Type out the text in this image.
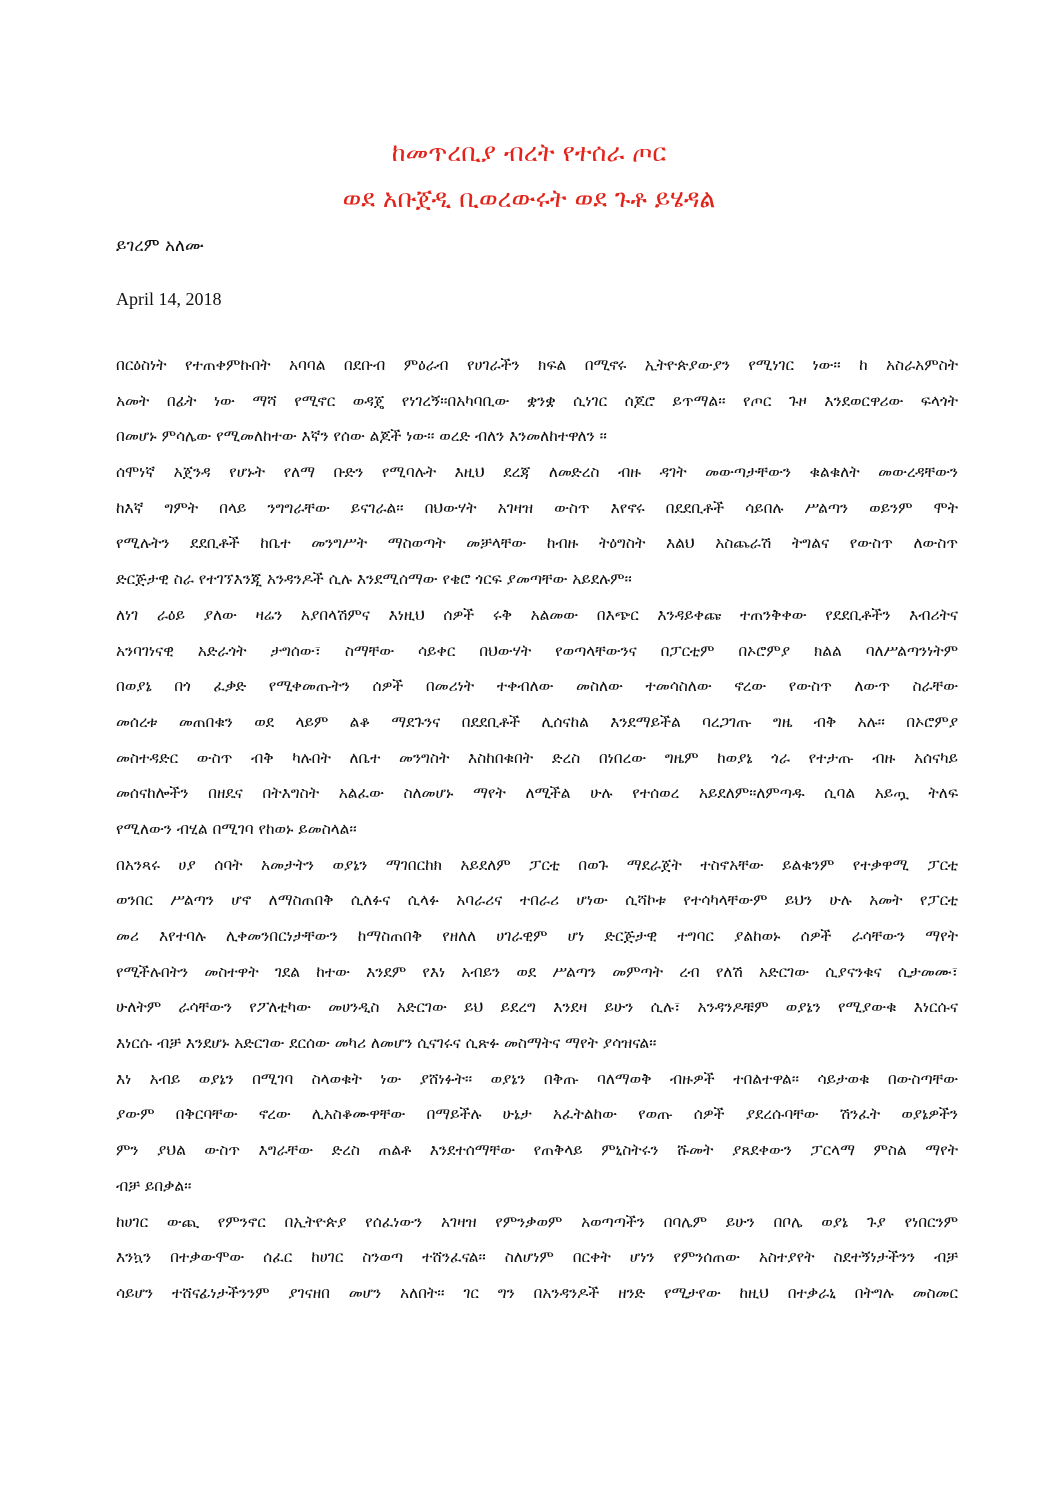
ከመጥረቢያ ብረት የተሰራ ጦር
ወደ አቡጀዲ ቢወረውሩት ወደ ጉቶ ይሄዳል
ይገረም አለሙ
April 14, 2018
በርዕስነት የተጠቀምኩበት አባባል በደቡብ ምዕራብ የሀገራችን ክፍል በሚኖሩ ኢትዮጵያውያን የሚነገር ነው፡፡ ከ አስራአምስት
አመት በፊት ነው ማሻ የሚኖር ወዳጄ የነገረኝ፡፡በአካባቢው ቋንቋ ሲነገር ሰጆሮ ይጥማል፡፡ የጦር ጉዞ እንደወርዋሪው ፍላጎት
በመሆኑ ምሳሌው የሚመለከተው እኛን የሰው ልጆች ነው፡፡ ወረድ ብለን እንመለከተዋለን ፡፡
ሰሞነኛ አጀንዳ የሆኑት የለማ ቡድን የሚባሉት እዚህ ደረጃ ለመድረስ ብዙ ዳገት መውጣታቸውን ቁልቁለት መውረዳቸውን
ከእኛ ግምት በላይ ንግግራቸው ይናገራል፡፡ በህውሃት አገዛዝ ውስጥ እየኖሩ በደደቢቶች ሳይበሉ ሥልጣን ወይንም ሞት
የሚሉትን ደደቢቶች ከቤተ መንግሥት ማስወጣት መቻላቸው ከብዙ ትዕግስት እልህ አስጨራሽ ትግልና የውስጥ ለውስጥ
ድርጅታዊ ስራ የተገኘእንጂ አንዳንዶች ሲሉ እንደሚሰማው የቄሮ ጎርፍ ያመጣቸው አይደሉም፡፡
ለነገ ራዕይ ያለው ዛሬን አያበላሽምና እነዚህ ሰዎች ሩቅ አልመው በእጭር እንዳይቀጩ ተጠንቅቀው የደደቢቶችን እብሪትና
አንባገነናዊ አድራጎት ታግሰው፣ ስማቸው ሳይቀር በህውሃት የወጣላቸውንና በፓርቲም በኦሮምያ ክልል ባለሥልጣንነትም
በወያኔ በጎ ፈቃድ የሚቀመጡትን ሰዎች በመሪነት ተቀብለው መስለው ተመሳስለው ኖረው የውስጥ ለውጥ ስራቸው
መሰረቱ መጠበቁን ወደ ላይም ልቆ ማደጉንና በደደቢቶች ሊሰናከል እንደማይችል ባረጋገጡ ግዜ ብቅ አሉ፡፡ በኦሮምያ
መስተዳድር ውስጥ ብቅ ካሉበት ለቤተ መንግስት እስከበቁበት ድረስ በነበረው ግዜም ከወያኔ ጎራ የተታጡ ብዙ አሰናካይ
መሰናከሎችን በዘዴና በትእግስት አልፈው ስለመሆኑ ማየት ለሚችል ሁሉ የተሰወረ አይደለም፡፡ለምጣዱ ሲባል አይጧ ትለፍ
የሚለውን ብሂል በሚገባ የከወኑ ይመስላል፡፡
በአንጻሩ ሀያ ሰባት አመታትን ወያኔን ማገበርከክ አይደለም ፓርቲ በወጉ ማደራጀት ተስኖአቸው ይልቁንም የተቃዋሚ ፓርቲ
ወንበር ሥልጣን ሆኖ ለማስጠበቅ ሲለፉና ሲላፉ አባራሪና ተበራሪ ሆነው ሲሻኮቱ የተሳካላቸውም ይህን ሁሉ አመት የፓርቲ
መሪ እየተባሉ ሊቀመንበርነታቸውን ከማስጠበቅ የዘለለ ሀገራዊም ሆነ ድርጅታዊ ተግባር ያልከወኑ ሰዎች ራሳቸውን ማየት
የሚችሉበትን መስተዋት ገደል ከተው እንደም የእነ አብይን ወደ ሥልጣን መምጣት ረብ የለሽ አድርገው ሲያናንቁና ሲታመሙ፣
ሁለትም ራሳቸውን የፖለቲካው መሀንዲስ አድርገው ይህ ይደረግ እንደዛ ይሁን ሲሉ፣ አንዳንዶቹም ወያኔን የሚያውቁ እነርሱና
እነርሱ ብቻ እንደሆኑ አድርገው ደርሰው መካሪ ለመሆን ሲናገሩና ሲጽፉ መስማትና ማየት ያሳዝናል፡፡
እነ አብይ ወያኔን በሚገባ ስላወቁት ነው ያሸነፉት፡፡ ወያኔን በቅጡ ባለማወቅ ብዙዎች ተበልተዋል፡፡ ሳይታወቁ በውስጣቸው
ያውም በቅርባቸው ኖረው ሊአስቆሙዋቸው በማይችሉ ሁኔታ አፈትልከው የወጡ ሰዎች ያደረሱባቸው ሽንፈት ወያኔዎችን
ምን ያህል ውስጥ እግራቸው ድረስ ጠልቶ እንደተሰማቸው የጠቅላይ ምኒስትሩን ሹመት ያጸደቀውን ፓርላማ ምስል ማየት
ብቻ ይበቃል፡፡
ከሀገር ውጪ የምንኖር በኢትዮጵያ የሰፈነውን አገዛዝ የምንቃወም አወጣጣችን በባሌም ይሁን በቦሌ ወያኔ ጉያ የነበርንም
እንኳን በተቃውሞው ሰፈር ከሀገር ስንወጣ ተሸንፈናል፡፡ ስለሆነም በርቀት ሆነን የምንሰጠው አስተያየት ስደተኝነታችንን ብቻ
ሳይሆን ተሸናፊነታችንንም ያገናዘበ መሆን አለበት፡፡ ገር ግን በአንዳንዶች ዘንድ የሚታየው ከዚህ በተቃራኒ በትግሉ መስመር
